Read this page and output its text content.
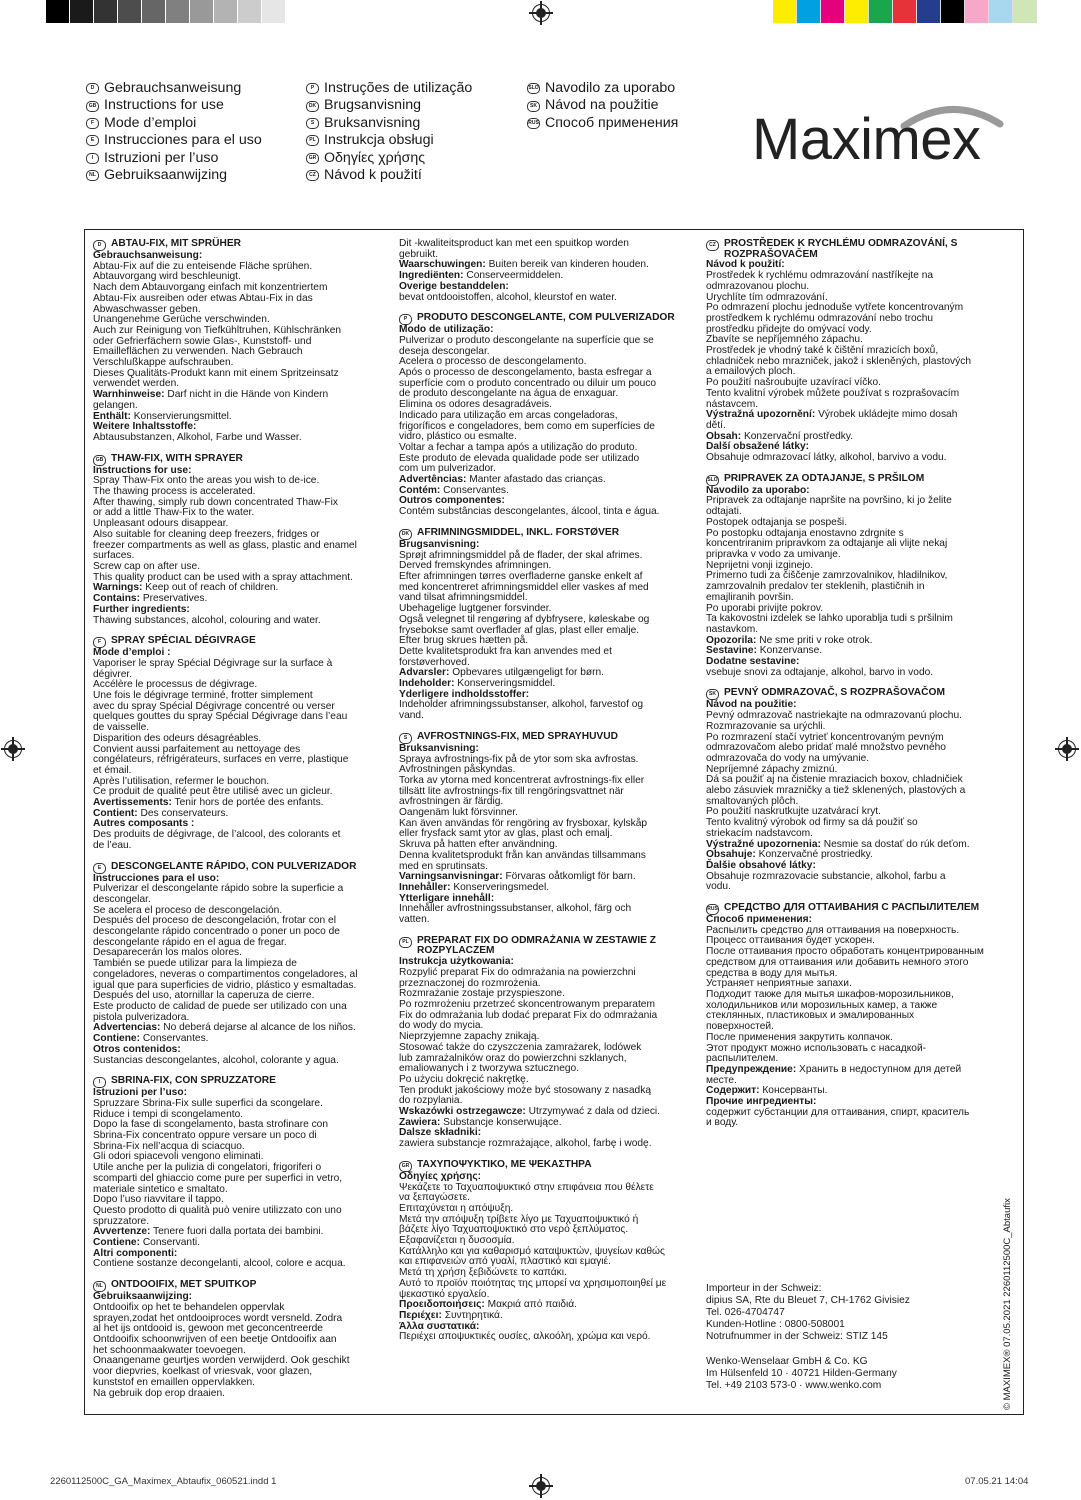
D Gebrauchsanweisung
GB Instructions for use
F Mode d’emploi
E Instrucciones para el uso
I Istruzioni per l’uso
NL Gebruiksaanwijzing
P Instruções de utilização
DK Brugsanvisning
S Bruksanvisning
PL Instrukcja obsługi
GR Οδηγίες χρήσης
CZ Návod k použití
SLO Navodilo za uporabo
SK Návod na použitie
RUS Способ применения Maximex
D ABTAU-FIX, MIT SPRÜHER

Gebrauchsanweisung:

Abtau-Fix auf die zu enteisende Fläche sprühen.

Abtauvorgang wird beschleunigt.

Nach dem Abtauvorgang einfach mit konzentriertem

Abtau-Fix ausreiben oder etwas Abtau-Fix in das

Abwaschwasser geben.

Unangenehme Gerüche verschwinden.

Auch zur Reinigung von Tiefkühltruhen, Kühlschränken

oder Gefrierfächern sowie Glas-, Kunststoff- und

Emailleflächen zu verwenden. Nach Gebrauch

Verschlußkappe aufschrauben.

Dieses Qualitäts-Produkt kann mit einem Spritzeinsatz

verwendet werden.

Warnhinweise: Darf nicht in die Hände von Kindern

gelangen.

Enthält: Konservierungsmittel.

Weitere Inhaltsstoffe:

Abtausubstanzen, Alkohol, Farbe und Wasser.

GB THAW-FIX, WITH SPRAYER

Instructions for use:

Spray Thaw-Fix onto the areas you wish to de-ice.

The thawing process is accelerated.

After thawing, simply rub down concentrated Thaw-Fix

or add a little Thaw-Fix to the water.

Unpleasant odours disappear.

Also suitable for cleaning deep freezers, fridges or

freezer compartments as well as glass, plastic and enamel

surfaces.

Screw cap on after use.

This quality product can be used with a spray attachment.

Warnings: Keep out of reach of children.

Contains: Preservatives.

Further ingredients:

Thawing substances, alcohol, colouring and water.

F SPRAY SPÉCIAL DÉGIVRAGE

Mode d’emploi :

Vaporiser le spray Spécial Dégivrage sur la surface à

dégivrer.

Accélère le processus de dégivrage.

Une fois le dégivrage terminé, frotter simplement

avec du spray Spécial Dégivrage concentré ou verser

quelques gouttes du spray Spécial Dégivrage dans l’eau

de vaisselle.

Disparition des odeurs désagréables.

Convient aussi parfaitement au nettoyage des

congélateurs, réfrigérateurs, surfaces en verre, plastique

et émail.

Après l’utilisation, refermer le bouchon.

Ce produit de qualité peut être utilisé avec un gicleur.

Avertissements: Tenir hors de portée des enfants.

Contient: Des conservateurs.

Autres composants :

Des produits de dégivrage, de l’alcool, des colorants et

de l’eau.

E DESCONGELANTE RÁPIDO, CON PULVERIZADOR

Instrucciones para el uso:

Pulverizar el descongelante rápido sobre la superficie a

descongelar.

Se acelera el proceso de descongelación.

Después del proceso de descongelación, frotar con el

descongelante rápido concentrado o poner un poco de

descongelante rápido en el agua de fregar.

Desaparecerán los malos olores.

También se puede utilizar para la limpieza de

congeladores, neveras o compartimentos congeladores, al

igual que para superficies de vidrio, plástico y esmaltadas.

Después del uso, atornillar la caperuza de cierre.

Este producto de calidad de puede ser utilizado con una

pistola pulverizadora.

Advertencias: No deberá dejarse al alcance de los niños.

Contiene: Conservantes.

Otros contenidos:

Sustancias descongelantes, alcohol, colorante y agua.

I	SBRINA-FIX, CON SPRUZZATORE

Istruzioni per l’uso:

Spruzzare Sbrina-Fix sulle superfici da scongelare.

Riduce i tempi di scongelamento.

Dopo la fase di scongelamento, basta strofinare con

Sbrina-Fix concentrato oppure versare un poco di

Sbrina-Fix nell’acqua di sciacquo.

Gli odori spiacevoli vengono eliminati.

Utile anche per la pulizia di congelatori, frigoriferi o

scomparti del ghiaccio come pure per superfici in vetro,

materiale sintetico e smaltato.

Dopo l’uso riavvitare il tappo.

Questo prodotto di qualità può venire utilizzato con uno

spruzzatore.

Avvertenze: Tenere fuori dalla portata dei bambini.

Contiene: Conservanti.

Altri componenti:

Contiene sostanze decongelanti, alcool, colore e acqua.

NL ONTDOOIFIX, MET SPUITKOP

Gebruiksaanwijzing:

Ontdooifix op het te behandelen oppervlak

sprayen,zodat het ontdooiproces wordt versneld. Zodra

al het ijs ontdooid is, gewoon met geconcentreerde

Ontdooifix schoonwrijven of een beetje Ontdooifix aan

het schoonmaakwater toevoegen.

Onaangename geurtjes worden verwijderd. Ook geschikt

voor diepvries, koelkast of vriesvak, voor glazen,

kunststof en emaillen oppervlakken.

Na gebruik dop erop draaien.

Dit -kwaliteitsproduct kan met een spuitkop worden

gebruikt.

Waarschuwingen: Buiten bereik van kinderen houden.

Ingrediënten: Conserveermiddelen.

Overige bestanddelen:

bevat ontdooistoffen, alcohol, kleurstof en water.

P PRODUTO DESCONGELANTE, COM PULVERIZADOR

Modo de utilização:

Pulverizar o produto descongelante na superfície que se

deseja descongelar.

Acelera o processo de descongelamento.

Após o processo de descongelamento, basta esfregar a

superfície com o produto concentrado ou diluir um pouco

de produto descongelante na água de enxaguar.

Elimina os odores desagradáveis.

Indicado para utilização em arcas congeladoras,

frigoríficos e congeladores, bem como em superfícies de

vidro, plástico ou esmalte.

Voltar a fechar a tampa após a utilização do produto.

Este produto de elevada qualidade pode ser utilizado

com um pulverizador.

Advertências: Manter afastado das crianças.

Contém: Conservantes.

Outros componentes:

Contém substâncias descongelantes, álcool, tinta e água.

DK AFRIMNINGSMIDDEL, INKL. FORSTØVER

Brugsanvisning:

Sprøjt afrimningsmiddel på de flader, der skal afrimes.

Derved fremskyndes afrimningen.

Efter afrimningen tørres overfladerne ganske enkelt af

med koncentreret afrimningsmiddel eller vaskes af med

vand tilsat afrimningsmiddel.

Ubehagelige lugtgener forsvinder.

Også velegnet til rengøring af dybfrysere, køleskabe og

frysebokse samt overflader af glas, plast eller emalje.

Efter brug skrues hætten på.

Dette kvalitetsprodukt fra kan anvendes med et

forstøverhoved.

Advarsler: Opbevares utilgængeligt for børn.

Indeholder: Konserveringsmiddel.

Yderligere indholdsstoffer:

Indeholder afrimningssubstanser, alkohol, farvestof og

vand.

S AVFROSTNINGS-FIX, MED SPRAYHUVUD

Bruksanvisning:

Spraya avfrostnings-fix på de ytor som ska avfrostas.

Avfrostningen påskyndas.

Torka av ytorna med koncentrerat avfrostnings-fix eller

tillsätt lite avfrostnings-fix till rengöringsvattnet när

avfrostningen är färdig.

Oangenäm lukt försvinner.

Kan även användas för rengöring av frysboxar, kylskåp

eller frysfack samt ytor av glas, plast och emalj.

Skruva på hatten efter användning.

Denna kvalitetsprodukt från kan användas tillsammans

med en sprutinsats.

Varningsanvisningar: Förvaras oåtkomligt för barn.

Innehåller: Konserveringsmedel.

Ytterligare innehåll:

Innehåller avfrostningssubstanser, alkohol, färg och

vatten.

PL PREPARAT FIX DO ODMRAŻANIA W ZESTAWIE Z ROZPYLACZEM

Instrukcja użytkowania:

Rozpylić preparat Fix do odmrażania na powierzchni

przeznaczonej do rozmrożenia.

Rozmrażanie zostaje przyspieszone.

Po rozmrożeniu przetrzeć skoncentrowanym preparatem

Fix do odmrażania lub dodać preparat Fix do odmrażania

do wody do mycia.

Nieprzyjemne zapachy znikają.

Stosować także do czyszczenia zamrażarek, lodówek

lub zamrażalników oraz do powierzchni szklanych,

emaliowanych i z tworzywa sztucznego.

Po użyciu dokręcić nakrętkę.

Ten produkt jakościowy może być stosowany z nasadką

do rozpylania.

Wskazówki ostrzegawcze: Utrzymywać z dala od dzieci.

Zawiera: Substancje konserwujące.

Dalsze składniki:

zawiera substancje rozmrażające, alkohol, farbę i wodę.

GR ΤΑΧΥΠΟΨΥΚΤΙΚΟ, ΜΕ ΨΕΚΑΣΤΗΡΑ

Οδηγίες χρήσης:

Ψεκάζετε το Ταχυαποψυκτικό στην επιφάνεια που θέλετε

να ξεπαγώσετε.

Επιταχύνεται η απόψυξη.

Μετά την απόψυξη τρίβετε λίγο με Ταχυαποψυκτικό ή

βάζετε λίγο Ταχυαποψυκτικό στο νερό ξεπλύματος.

Εξαφανίζεται η δυσοσμία.

Κατάλληλο και για καθαρισμό καταψυκτών, ψυγείων καθώς

και επιφανειών από γυαλί, πλαστικό και εμαγιέ.

Μετά τη χρήση ξεβιδώνετε το καπάκι.

Αυτό το προϊόν ποιότητας της μπορεί να χρησιμοποιηθεί με

ψεκαστικό εργαλείο.

Προειδοποιήσεις: Μακριά από παιδιά.

Περιέχει: Συντηρητικά.

Άλλα συστατικά:

Περιέχει αποψυκτικές ουσίες, αλκοόλη, χρώμα και νερό.

CZ PROSTŘEDEK K RYCHLÉMU ODMRAZOVÁNÍ, S ROZPRAŠOVAČEM

Návod k použití:

Prostředek k rychlému odmrazování nastříkejte na

odmrazovanou plochu.

Urychlíte tím odmrazování.

Po odmrazení plochu jednoduše vytřete koncentrovaným

prostředkem k rychlému odmrazování nebo trochu

prostředku přidejte do omývací vody.

Zbavíte se nepříjemného zápachu.

Prostředek je vhodný také k čištění mrazicích boxů,

chladniček nebo mrazniček, jakož i skleněných, plastových

a emailových ploch.

Po použití našroubujte uzavírací víčko.

Tento kvalitní výrobek můžete používat s rozprašovacím

nástavcem.

Výstražná upozornění: Výrobek ukládejte mimo dosah

dětí.

Obsah: Konzervační prostředky.

Další obsažené látky:

Obsahuje odmrazovací látky, alkohol, barvivo a vodu.

SLO PRIPRAVEK ZA ODTAJANJE, S PRŠILOM

Navodilo za uporabo:

Pripravek za odtajanje napršite na površino, ki jo želite

odtajati.

Postopek odtajanja se pospeši.

Po postopku odtajanja enostavno zdrgnite s

koncentriranim pripravkom za odtajanje ali vlijte nekaj

pripravka v vodo za umivanje.

Neprijetni vonji izginejo.

Primerno tudi za čiščenje zamrzovalnikov, hladilnikov,

zamrzovalnih predalov ter steklenih, plastičnih in

emajliranih površin.

Po uporabi privijte pokrov.

Ta kakovostni izdelek se lahko uporablja tudi s pršilnim

nastavkom.

Opozorila: Ne sme priti v roke otrok.

Sestavine: Konzervanse.

Dodatne sestavine:

vsebuje snovi za odtajanje, alkohol, barvo in vodo.

SK PEVNÝ ODMRAZOVAČ, S ROZPRAŠOVAČOM

Návod na použitie:

Pevný odmrazovač nastriekajte na odmrazovanú plochu.

Rozmrazovanie sa urýchli.

Po rozmrazení stačí vytrieť koncentrovaným pevným

odmrazovačom alebo pridať malé množstvo pevného

odmrazovača do vody na umývanie.

Nepríjemné zápachy zmiznú.

Dá sa použiť aj na čistenie mraziacich boxov, chladničiek

alebo zásuviek mrazničky a tiež sklenených, plastových a

smaltovaných plôch.

Po použití naskrutkujte uzatvárací kryt.

Tento kvalitný výrobok od firmy sa dá použiť so

striekacím nadstavcom.

Výstražné upozornenia: Nesmie sa dostať do rúk deťom.

Obsahuje: Konzervačné prostriedky.

Ďalšie obsahové látky:

Obsahuje rozmrazovacie substancie, alkohol, farbu a

vodu.

RUS СРЕДСТВО ДЛЯ ОТТАИВАНИЯ С РАСПЫЛИТЕЛЕМ

Способ применения:

Распылить средство для оттаивания на поверхность.

Процесс оттаивания будет ускорен.

После оттаивания просто обработать концентрированным

средством для оттаивания или добавить немного этого

средства в воду для мытья.

Устраняет неприятные запахи.

Подходит также для мытья шкафов-морозильников,

холодильников или морозильных камер, а также

стеклянных, пластиковых и эмалированных

поверхностей.

После применения закрутить колпачок.

Этот продукт можно использовать с насадкой-

распылителем.

Предупреждение: Хранить в недоступном для детей

месте.

Содержит: Консерванты.

Прочие ингредиенты:

содержит субстанции для оттаивания, спирт, краситель

и воду.

Importeur in der Schweiz:

dipius SA, Rte du Bleuet 7, CH-1762 Givisiez

Tel. 026-4704747

Kunden-Hotline : 0800-508001

Notrufnummer in der Schweiz: STIZ 145

Wenko-Wenselaar GmbH & Co. KG

Im Hülsenfeld 10 · 40721 Hilden-Germany

Tel. +49 2103 573-0 · www.wenko.com	© MAXIMEX® 07.05.2021 2260112500C_Abtaufix
2260112500C_GA_Maximex_Abtaufix_060521.indd 1	07.05.21 14:04
